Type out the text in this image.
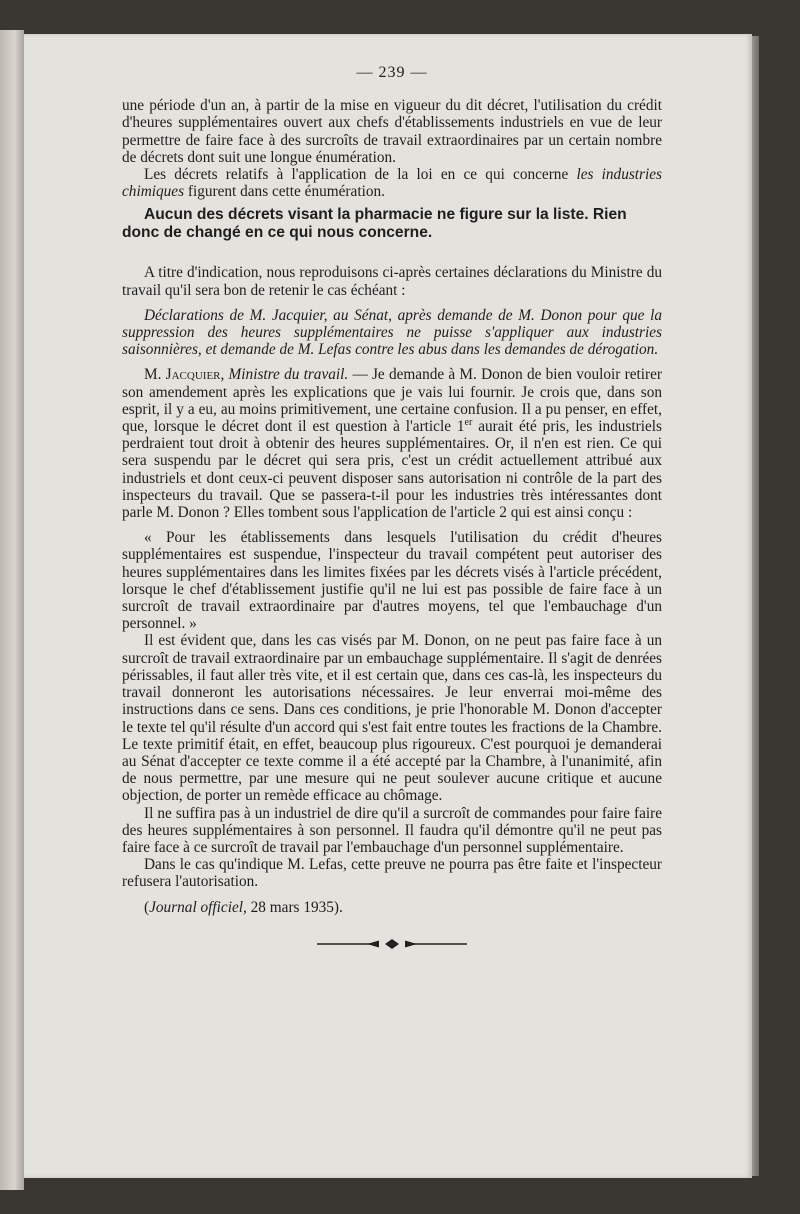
— 239 —

une période d'un an, à partir de la mise en vigueur du dit décret, l'utilisation du crédit d'heures supplémentaires ouvert aux chefs d'établissements industriels en vue de leur permettre de faire face à des surcroîts de travail extraordinaires par un certain nombre de décrets dont suit une longue énumération.

Les décrets relatifs à l'application de la loi en ce qui concerne les industries chimiques figurent dans cette énumération.

Aucun des décrets visant la pharmacie ne figure sur la liste. Rien donc de changé en ce qui nous concerne.

A titre d'indication, nous reproduisons ci-après certaines déclarations du Ministre du travail qu'il sera bon de retenir le cas échéant :

Déclarations de M. Jacquier, au Sénat, après demande de M. Donon pour que la suppression des heures supplémentaires ne puisse s'appliquer aux industries saisonnières, et demande de M. Lefas contre les abus dans les demandes de dérogation.

M. Jacquier, Ministre du travail. — Je demande à M. Donon de bien vouloir retirer son amendement après les explications que je vais lui fournir. Je crois que, dans son esprit, il y a eu, au moins primitivement, une certaine confusion. Il a pu penser, en effet, que, lorsque le décret dont il est question à l'article 1er aurait été pris, les industriels perdraient tout droit à obtenir des heures supplémentaires. Or, il n'en est rien. Ce qui sera suspendu par le décret qui sera pris, c'est un crédit actuellement attribué aux industriels et dont ceux-ci peuvent disposer sans autorisation ni contrôle de la part des inspecteurs du travail. Que se passera-t-il pour les industries très intéressantes dont parle M. Donon ? Elles tombent sous l'application de l'article 2 qui est ainsi conçu :

« Pour les établissements dans lesquels l'utilisation du crédit d'heures supplémentaires est suspendue, l'inspecteur du travail compétent peut autoriser des heures supplémentaires dans les limites fixées par les décrets visés à l'article précédent, lorsque le chef d'établissement justifie qu'il ne lui est pas possible de faire face à un surcroît de travail extraordinaire par d'autres moyens, tel que l'embauchage d'un personnel. »

Il est évident que, dans les cas visés par M. Donon, on ne peut pas faire face à un surcroît de travail extraordinaire par un embauchage supplémentaire. Il s'agit de denrées périssables, il faut aller très vite, et il est certain que, dans ces cas-là, les inspecteurs du travail donneront les autorisations nécessaires. Je leur enverrai moi-même des instructions dans ce sens. Dans ces conditions, je prie l'honorable M. Donon d'accepter le texte tel qu'il résulte d'un accord qui s'est fait entre toutes les fractions de la Chambre. Le texte primitif était, en effet, beaucoup plus rigoureux. C'est pourquoi je demanderai au Sénat d'accepter ce texte comme il a été accepté par la Chambre, à l'unanimité, afin de nous permettre, par une mesure qui ne peut soulever aucune critique et aucune objection, de porter un remède efficace au chômage.

Il ne suffira pas à un industriel de dire qu'il a surcroît de commandes pour faire faire des heures supplémentaires à son personnel. Il faudra qu'il démontre qu'il ne peut pas faire face à ce surcroît de travail par l'embauchage d'un personnel supplémentaire.

Dans le cas qu'indique M. Lefas, cette preuve ne pourra pas être faite et l'inspecteur refusera l'autorisation.

(Journal officiel, 28 mars 1935).
